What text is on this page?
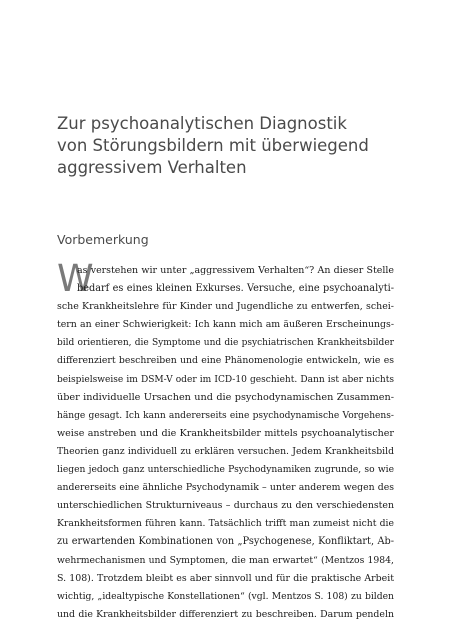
Zur psychoanalytischen Diagnostik
von Störungsbildern mit überwiegend
aggressivem Verhalten
Vorbemerkung
W
as verstehen wir unter „aggressivem Verhalten“? An dieser Stelle
bedarf es eines kleinen Exkurses. Versuche, eine psychoanalyti-
sche Krankheitslehre für Kinder und Jugendliche zu entwerfen, schei-
tern an einer Schwierigkeit: Ich kann mich am äußeren Erscheinungs-
bild orientieren, die Symptome und die psychiatrischen Krankheitsbilder
differenziert beschreiben und eine Phänomenologie entwickeln, wie es
beispielsweise im DSM-V oder im ICD-10 geschieht. Dann ist aber nichts
über individuelle Ursachen und die psychodynamischen Zusammen-
hänge gesagt. Ich kann andererseits eine psychodynamische Vorgehens-
weise anstreben und die Krankheitsbilder mittels psychoanalytischer
Theorien ganz individuell zu erklären versuchen. Jedem Krankheitsbild
liegen jedoch ganz unterschiedliche Psychodynamiken zugrunde, so wie
andererseits eine ähnliche Psychodynamik – unter anderem wegen des
unterschiedlichen Strukturniveaus – durchaus zu den verschiedensten
Krankheitsformen führen kann. Tatsächlich trifft man zumeist nicht die
zu erwartenden Kombinationen von „Psychogenese, Konfliktart, Ab-
wehrmechanismen und Symptomen, die man erwartet“ (Mentzos 1984,
S. 108). Trotzdem bleibt es aber sinnvoll und für die praktische Arbeit
wichtig, „idealtypische Konstellationen“ (vgl. Mentzos S. 108) zu bilden
und die Krankheitsbilder differenziert zu beschreiben. Darum pendeln
